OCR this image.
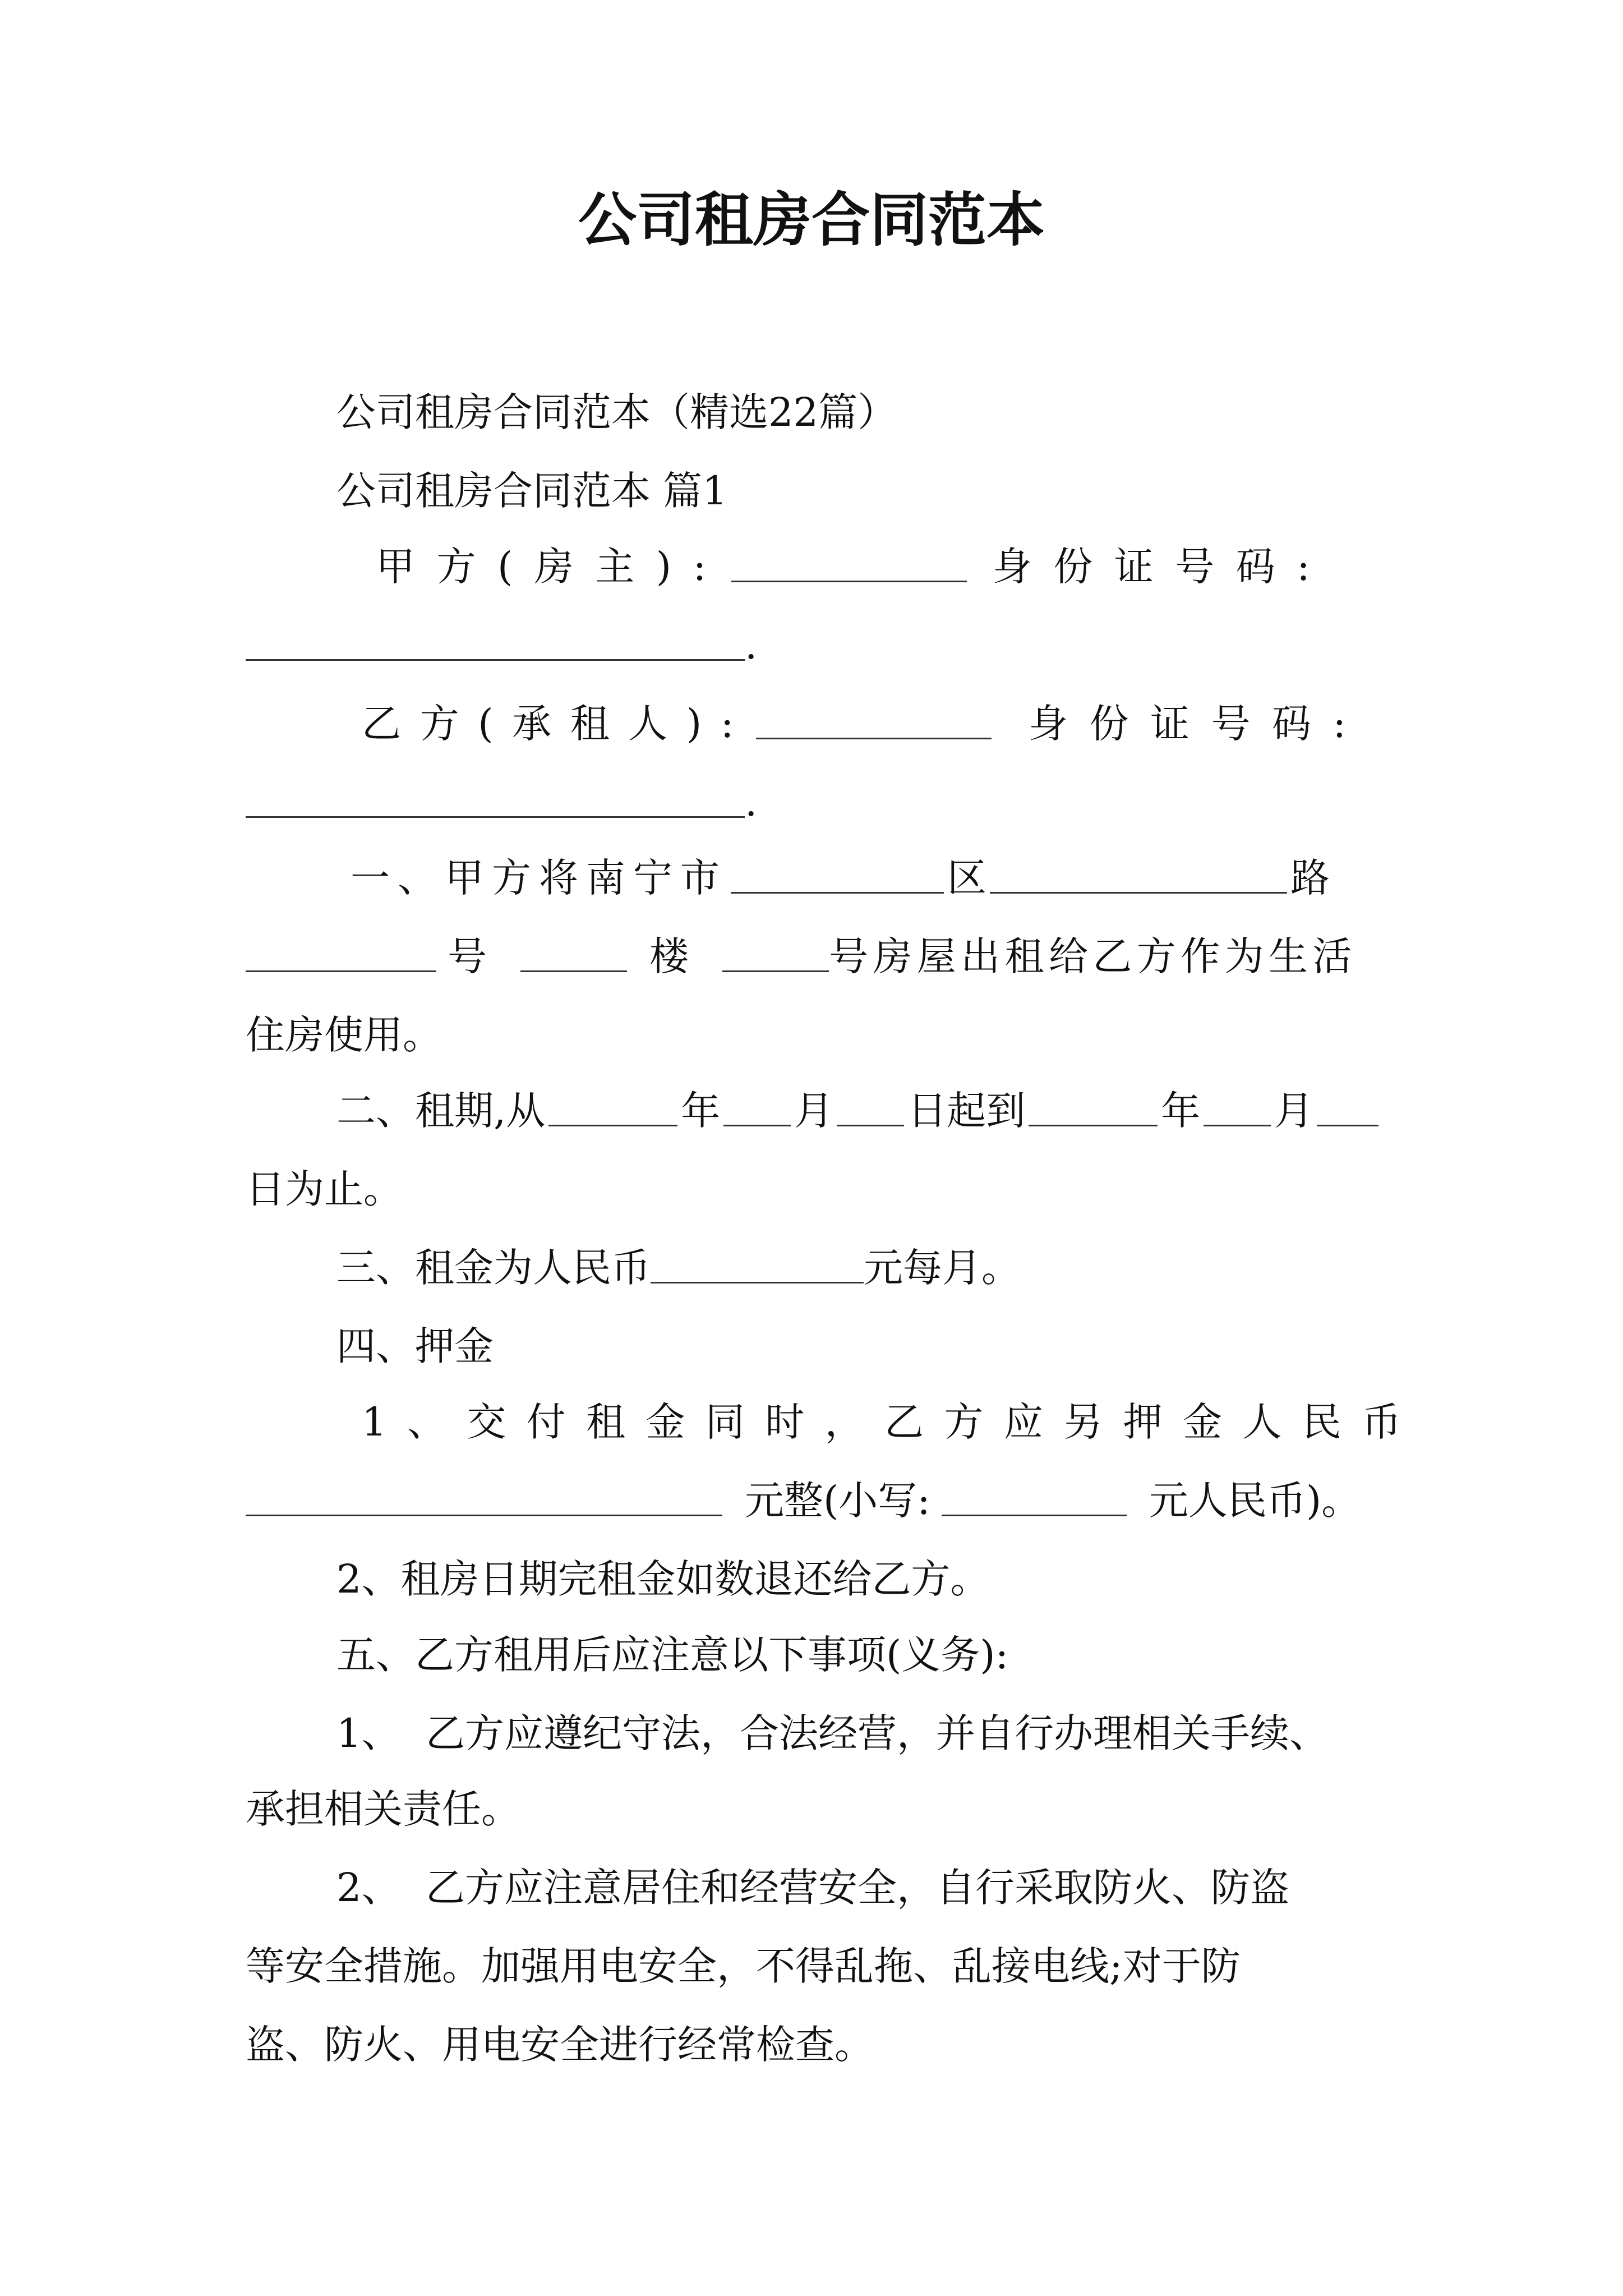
公司租房合同范本
公司租房合同范本（精选22篇）
公司租房合同范本 篇1
甲方(房主):	身份证号码:
.
乙方(承租人):	身份证号码:
.
一、甲方将南宁市	区	路
号	楼	号房屋出租给乙方作为生活
住房使用。
二、租期,从	年 月 日起到	年 月
日为止。
三、租金为人民币	元每月。
四、押金
1、交付租金同时，乙方应另押金人民币
元整(小写:	元人民币)。
2、租房日期完租金如数退还给乙方。
五、乙方租用后应注意以下事项(义务):
1、  乙方应遵纪守法，合法经营，并自行办理相关手续、
承担相关责任。
2、  乙方应注意居住和经营安全，自行采取防火、防盗
等安全措施。加强用电安全，不得乱拖、乱接电线;对于防
盗、防火、用电安全进行经常检查。
